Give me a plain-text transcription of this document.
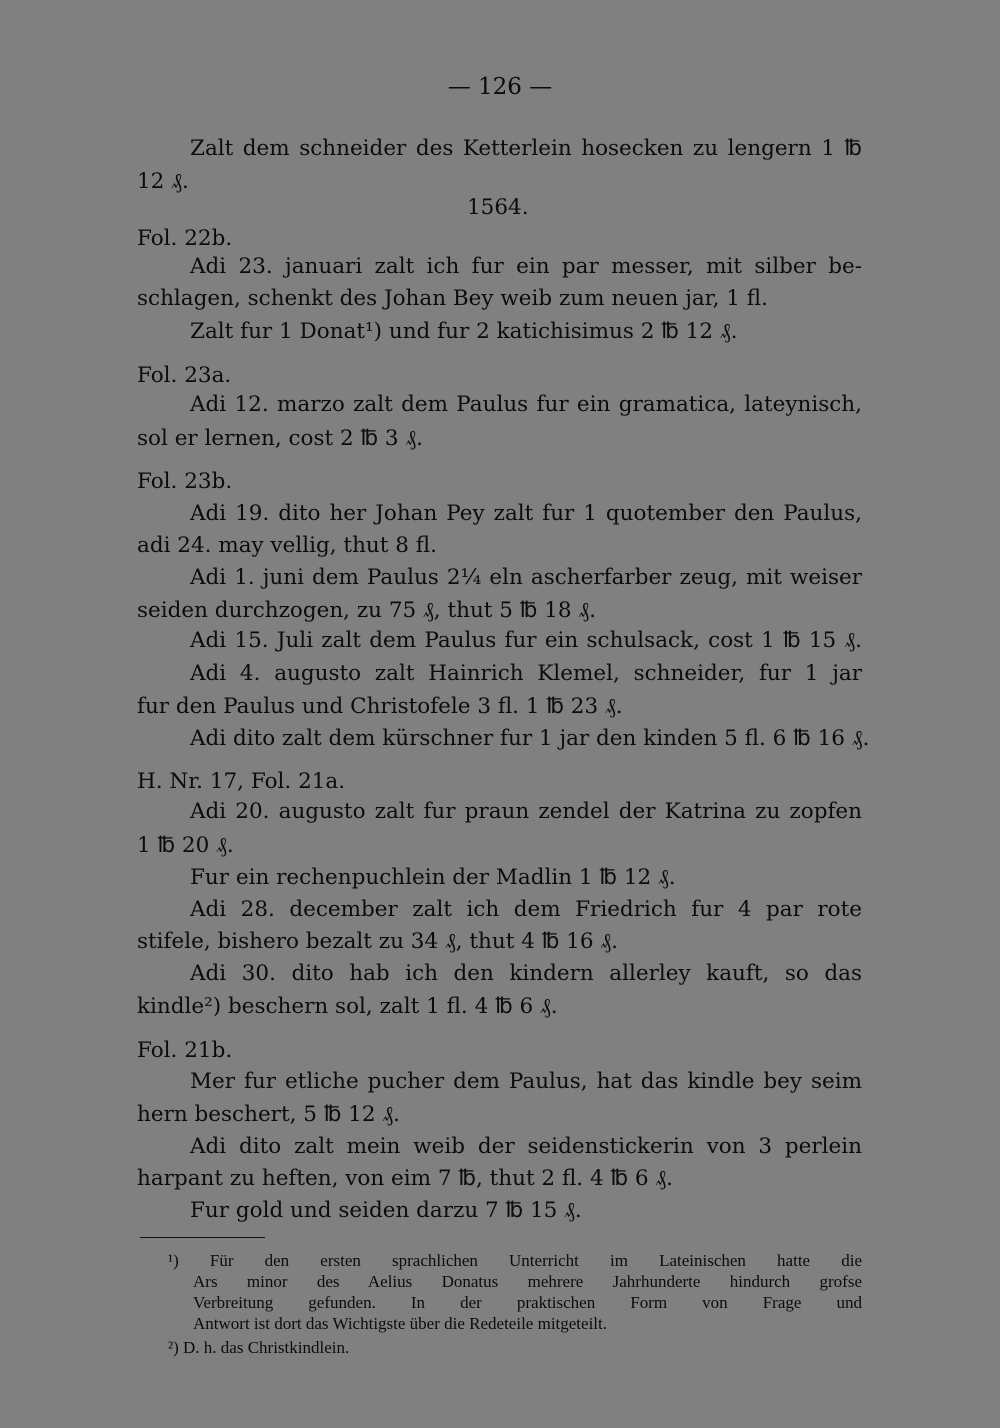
— 126 —
Zalt dem schneider des Ketterlein hosecken zu lengern 1 ℔
12 ₰.
1564.
Fol. 22b.
Adi 23. januari zalt ich fur ein par messer, mit silber be-
schlagen, schenkt des Johan Bey weib zum neuen jar, 1 fl.
Zalt fur 1 Donat¹) und fur 2 katichisimus 2 ℔ 12 ₰.
Fol. 23a.
Adi 12. marzo zalt dem Paulus fur ein gramatica, lateynisch,
sol er lernen, cost 2 ℔ 3 ₰.
Fol. 23b.
Adi 19. dito her Johan Pey zalt fur 1 quotember den Paulus,
adi 24. may vellig, thut 8 fl.
Adi 1. juni dem Paulus 2¼ eln ascherfarber zeug, mit weiser
seiden durchzogen, zu 75 ₰, thut 5 ℔ 18 ₰.
Adi 15. Juli zalt dem Paulus fur ein schulsack, cost 1 ℔ 15 ₰.
Adi 4. augusto zalt Hainrich Klemel, schneider, fur 1 jar
fur den Paulus und Christofele 3 fl. 1 ℔ 23 ₰.
Adi dito zalt dem kürschner fur 1 jar den kinden 5 fl. 6 ℔ 16 ₰.
H. Nr. 17, Fol. 21a.
Adi 20. augusto zalt fur praun zendel der Katrina zu zopfen
1 ℔ 20 ₰.
Fur ein rechenpuchlein der Madlin 1 ℔ 12 ₰.
Adi 28. december zalt ich dem Friedrich fur 4 par rote
stifele, bishero bezalt zu 34 ₰, thut 4 ℔ 16 ₰.
Adi 30. dito hab ich den kindern allerley kauft, so das
kindle²) beschern sol, zalt 1 fl. 4 ℔ 6 ₰.
Fol. 21b.
Mer fur etliche pucher dem Paulus, hat das kindle bey seim
hern beschert, 5 ℔ 12 ₰.
Adi dito zalt mein weib der seidenstickerin von 3 perlein
harpant zu heften, von eim 7 ℔, thut 2 fl. 4 ℔ 6 ₰.
Fur gold und seiden darzu 7 ℔ 15 ₰.
¹) Für den ersten sprachlichen Unterricht im Lateinischen hatte die
Ars minor des Aelius Donatus mehrere Jahrhunderte hindurch grofse
Verbreitung gefunden. In der praktischen Form von Frage und
Antwort ist dort das Wichtigste über die Redeteile mitgeteilt.
²) D. h. das Christkindlein.
